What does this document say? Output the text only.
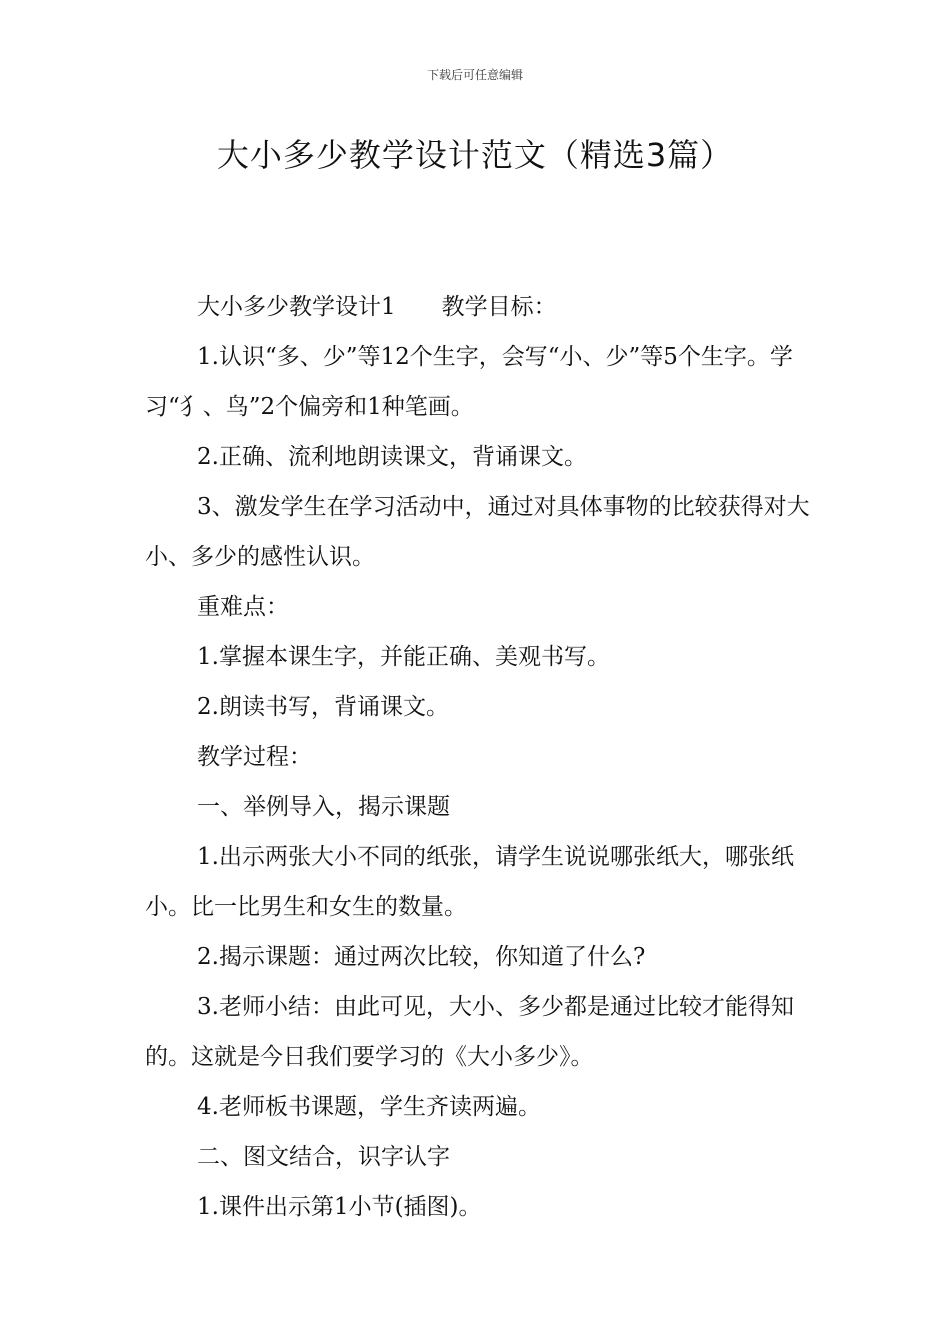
下载后可任意编辑
大小多少教学设计范文（精选3篇）

大小多少教学设计1　　教学目标：

1.认识“多、少”等12个生字，会写“小、少”等5个生字。学习“犭、鸟”2个偏旁和1种笔画。

2.正确、流利地朗读课文，背诵课文。

3、激发学生在学习活动中，通过对具体事物的比较获得对大小、多少的感性认识。

重难点：

1.掌握本课生字，并能正确、美观书写。

2.朗读书写，背诵课文。

教学过程：

一、举例导入，揭示课题

1.出示两张大小不同的纸张，请学生说说哪张纸大，哪张纸小。比一比男生和女生的数量。

2.揭示课题：通过两次比较，你知道了什么?

3.老师小结：由此可见，大小、多少都是通过比较才能得知的。这就是今日我们要学习的《大小多少》。

4.老师板书课题，学生齐读两遍。

二、图文结合，识字认字

1.课件出示第1小节(插图)。
